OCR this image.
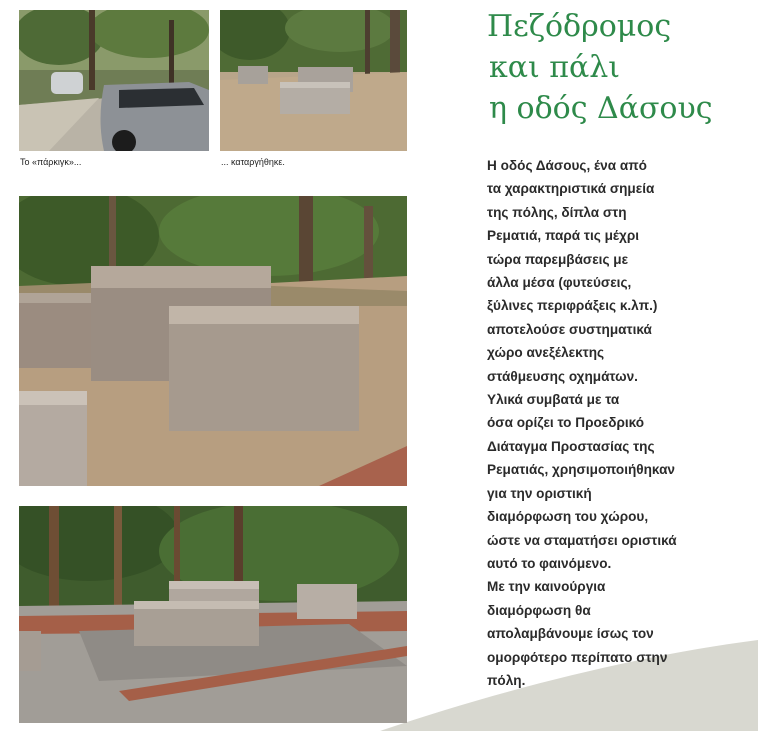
Το «πάρκιγκ»...	... καταργήθηκε.
Πεζόδρομος
και πάλι
η οδός Δάσους
Η οδός Δάσους, ένα από
τα χαρακτηριστικά σημεία
της πόλης, δίπλα στη
Ρεματιά, παρά τις μέχρι
τώρα παρεμβάσεις με
άλλα μέσα (φυτεύσεις,
ξύλινες περιφράξεις κ.λπ.)
αποτελούσε συστηματικά
χώρο ανεξέλεκτης
στάθμευσης οχημάτων.
Υλικά συμβατά με τα
όσα ορίζει το Προεδρικό
Διάταγμα Προστασίας της
Ρεματιάς, χρησιμοποιήθηκαν
για την οριστική
διαμόρφωση του χώρου,
ώστε να σταματήσει οριστικά
αυτό το φαινόμενο.
Με την καινούργια
διαμόρφωση θα
απολαμβάνουμε ίσως τον
ομορφότερο περίπατο στην
πόλη.
